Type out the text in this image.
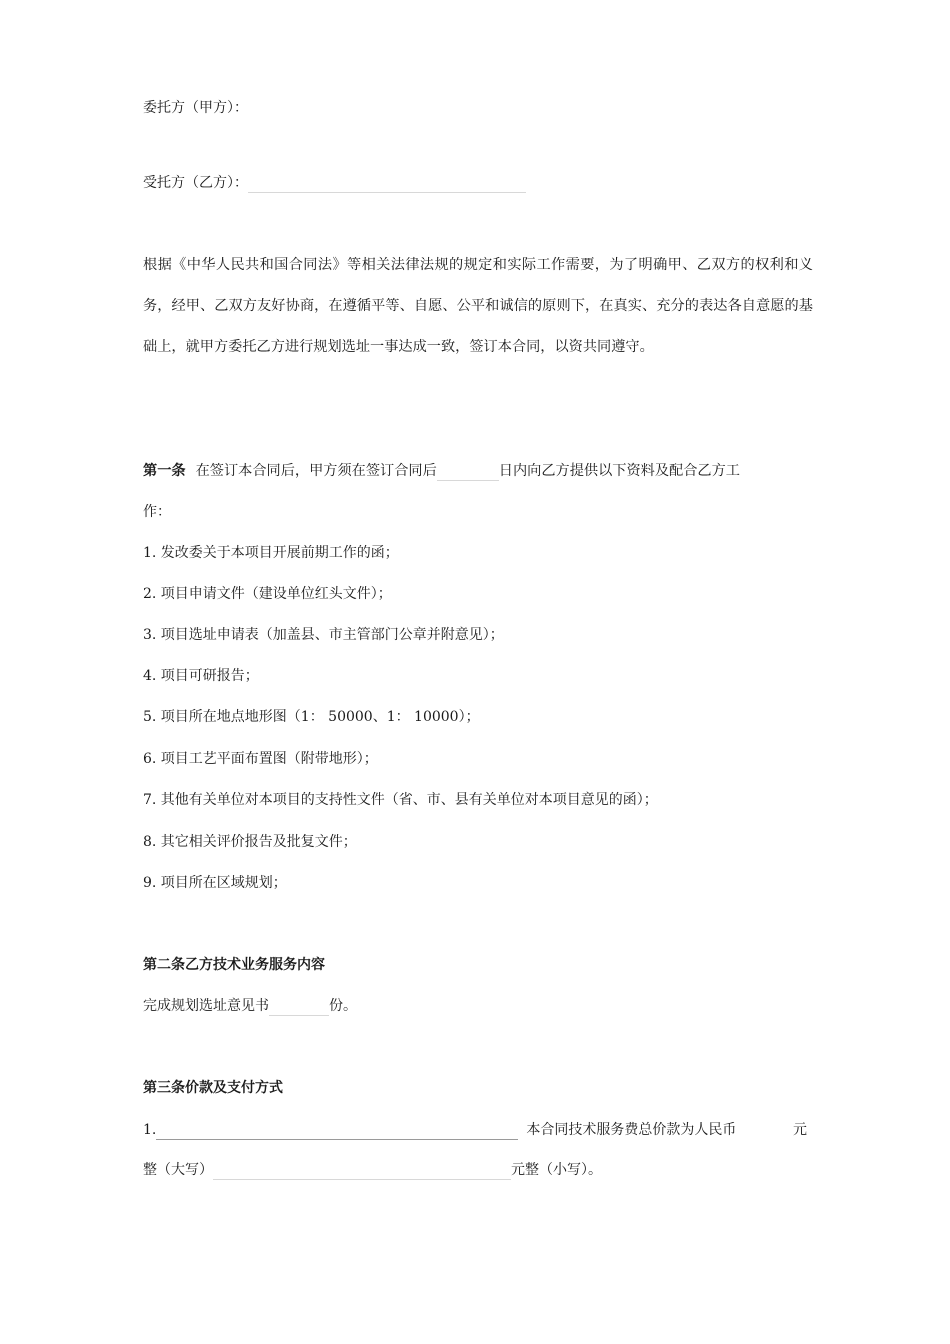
委托方（甲方）：
受托方（乙方）：
根据《中华人民共和国合同法》等相关法律法规的规定和实际工作需要，为了明确甲、乙双方的权利和义务，经甲、乙双方友好协商，在遵循平等、自愿、公平和诚信的原则下，在真实、充分的表达各自意愿的基础上，就甲方委托乙方进行规划选址一事达成一致，签订本合同，以资共同遵守。
第一条 在签订本合同后，甲方须在签订合同后	日内向乙方提供以下资料及配合乙方工
作：
1. 发改委关于本项目开展前期工作的函；
2. 项目申请文件（建设单位红头文件）；
3. 项目选址申请表（加盖县、市主管部门公章并附意见）；
4. 项目可研报告；
5. 项目所在地点地形图（1： 50000、1： 10000）；
6. 项目工艺平面布置图（附带地形）；
7. 其他有关单位对本项目的支持性文件（省、市、县有关单位对本项目意见的函）；
8. 其它相关评价报告及批复文件；
9. 项目所在区域规划；
第二条乙方技术业务服务内容
完成规划选址意见书	份。
第三条价款及支付方式
1.	本合同技术服务费总价款为人民币	元
整（大写）	元整（小写）。
